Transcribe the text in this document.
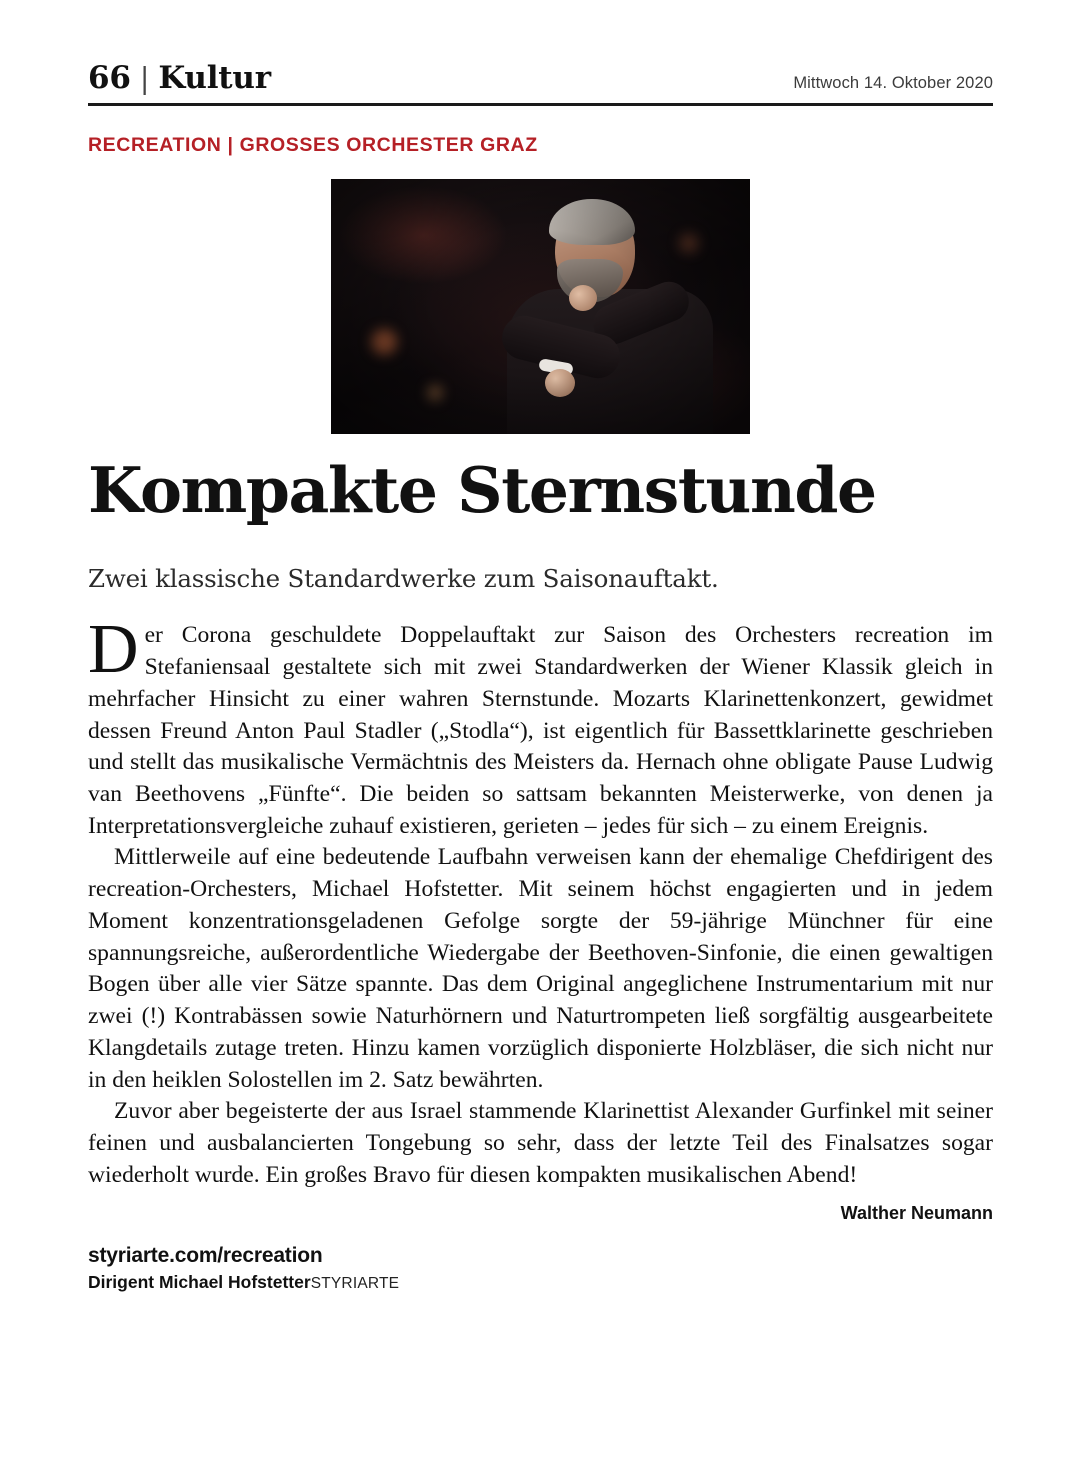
66 | Kultur	Mittwoch 14. Oktober 2020
RECREATION | GROSSES ORCHESTER GRAZ
Kompakte Sternstunde
Zwei klassische Standardwerke zum Saisonauftakt.

Der Corona geschuldete Doppelauftakt zur Saison des Orchesters recreation im Stefaniensaal gestaltete sich mit zwei Standardwerken der Wiener Klassik gleich in mehrfacher Hinsicht zu einer wahren Sternstunde. Mozarts Klarinettenkonzert, gewidmet dessen Freund Anton Paul Stadler („Stodla“), ist eigentlich für Bassettklarinette geschrieben und stellt das musikalische Vermächtnis des Meisters da. Hernach ohne obligate Pause Ludwig van Beethovens „Fünfte“. Die beiden so sattsam bekannten Meisterwerke, von denen ja Interpretationsvergleiche zuhauf existieren, gerieten – jedes für sich – zu einem Ereignis.

Mittlerweile auf eine bedeutende Laufbahn verweisen kann der ehemalige Chefdirigent des recreation-Orchesters, Michael Hofstetter. Mit seinem höchst engagierten und in jedem Moment konzentrationsgeladenen Gefolge sorgte der 59-jährige Münchner für eine spannungsreiche, außerordentliche Wiedergabe der Beethoven-Sinfonie, die einen gewaltigen Bogen über alle vier Sätze spannte. Das dem Original angeglichene Instrumentarium mit nur zwei (!) Kontrabässen sowie Naturhörnern und Naturtrompeten ließ sorgfältig ausgearbeitete Klangdetails zutage treten. Hinzu kamen vorzüglich disponierte Holzbläser, die sich nicht nur in den heiklen Solostellen im 2. Satz bewährten.

Zuvor aber begeisterte der aus Israel stammende Klarinettist Alexander Gurfinkel mit seiner feinen und ausbalancierten Tongebung so sehr, dass der letzte Teil des Finalsatzes sogar wiederholt wurde. Ein großes Bravo für diesen kompakten musikalischen Abend!

Walther Neumann
styriarte.com/recreation
Dirigent Michael HofstetterSTYRIARTE
